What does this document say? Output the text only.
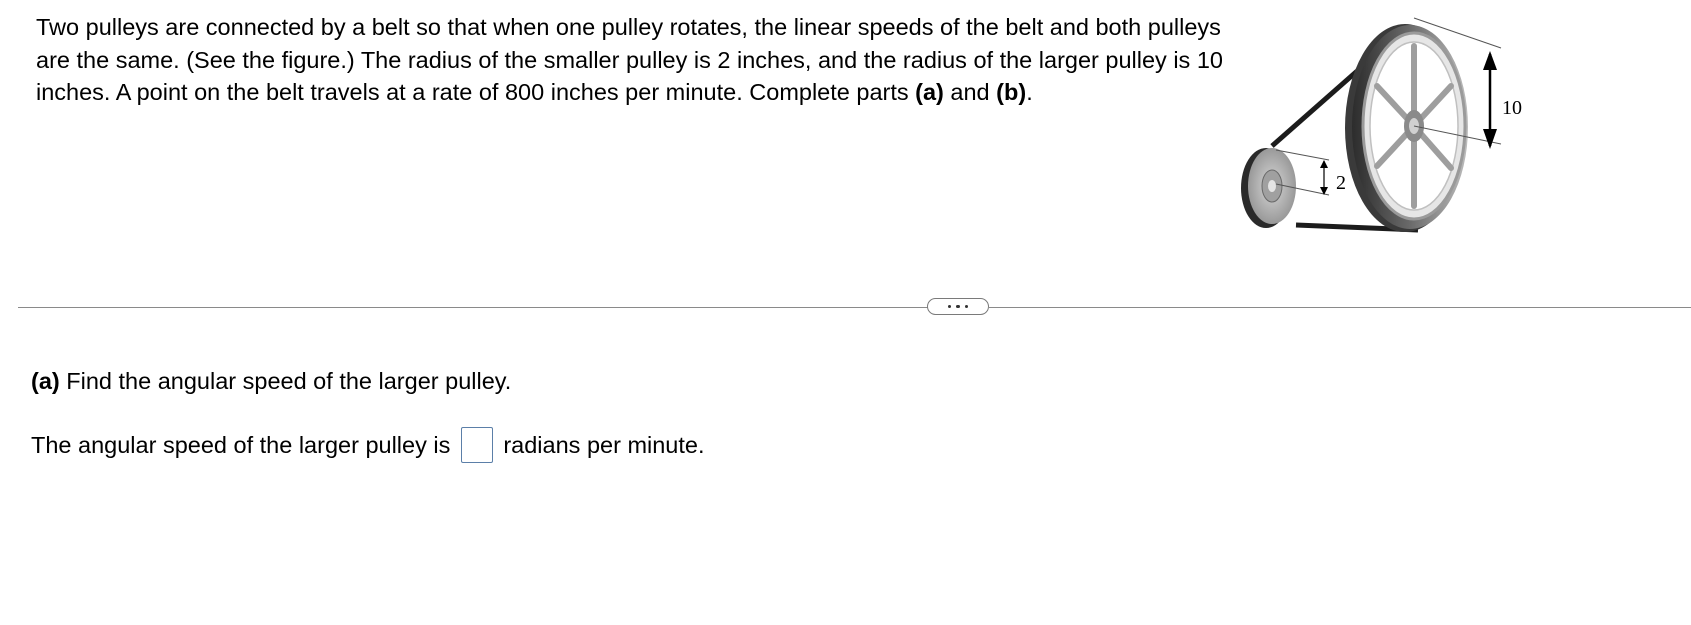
Two pulleys are connected by a belt so that when one pulley rotates, the linear speeds of the belt and both pulleys are the same. (See the figure.) The radius of the smaller pulley is 2 inches, and the radius of the larger pulley is 10 inches. A point on the belt travels at a rate of 800 inches per minute. Complete parts (a) and (b).
2
10
(a) Find the angular speed of the larger pulley.
The angular speed of the larger pulley is radians per minute.
